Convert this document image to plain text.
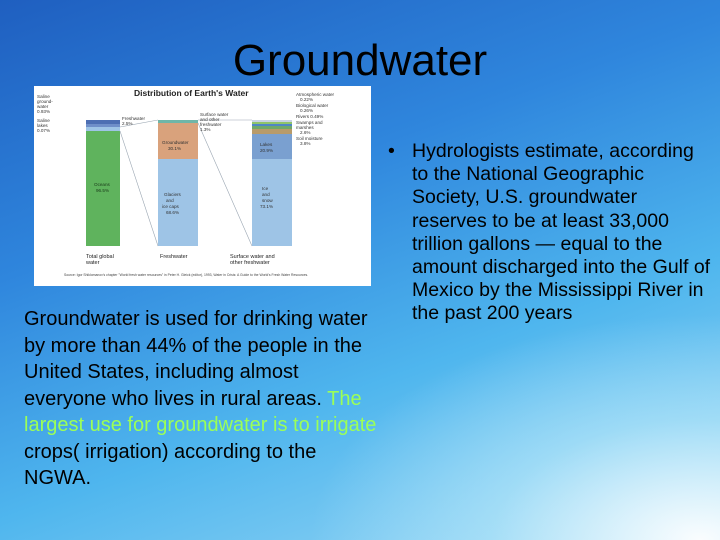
Groundwater
Distribution of Earth's Water
Saline
ground-
water
0.93%
Saline
lakes
0.07%
Freshwater
2.5%
Oceans
96.5%
Surface water
and other
freshwater
1.3%
Groundwater
30.1%
Glaciers
and
ice caps
68.6%
Atmospheric water
0.22%
Biological water
0.26%
Rivers 0.49%
Swamps and
marshes
2.6%
Soil moisture
3.8%
Lakes
20.9%
Ice
and
snow
73.1%
Total global
water
Freshwater	Surface water and
other freshwater
Source: Igor Shiklomanov's chapter "World fresh water resources" in Peter H. Gleick (editor), 1993, Water in Crisis: A Guide to the World's Fresh Water Resources.
Groundwater is used for drinking water by more than 44% of the people in the United States, including almost everyone who lives in rural areas. The largest use for groundwater is to irrigate crops( irrigation) according to the NGWA.
• Hydrologists estimate, according to the National Geographic Society, U.S. groundwater reserves to be at least 33,000 trillion gallons — equal to the amount discharged into the Gulf of Mexico by the Mississippi River in the past 200 years
